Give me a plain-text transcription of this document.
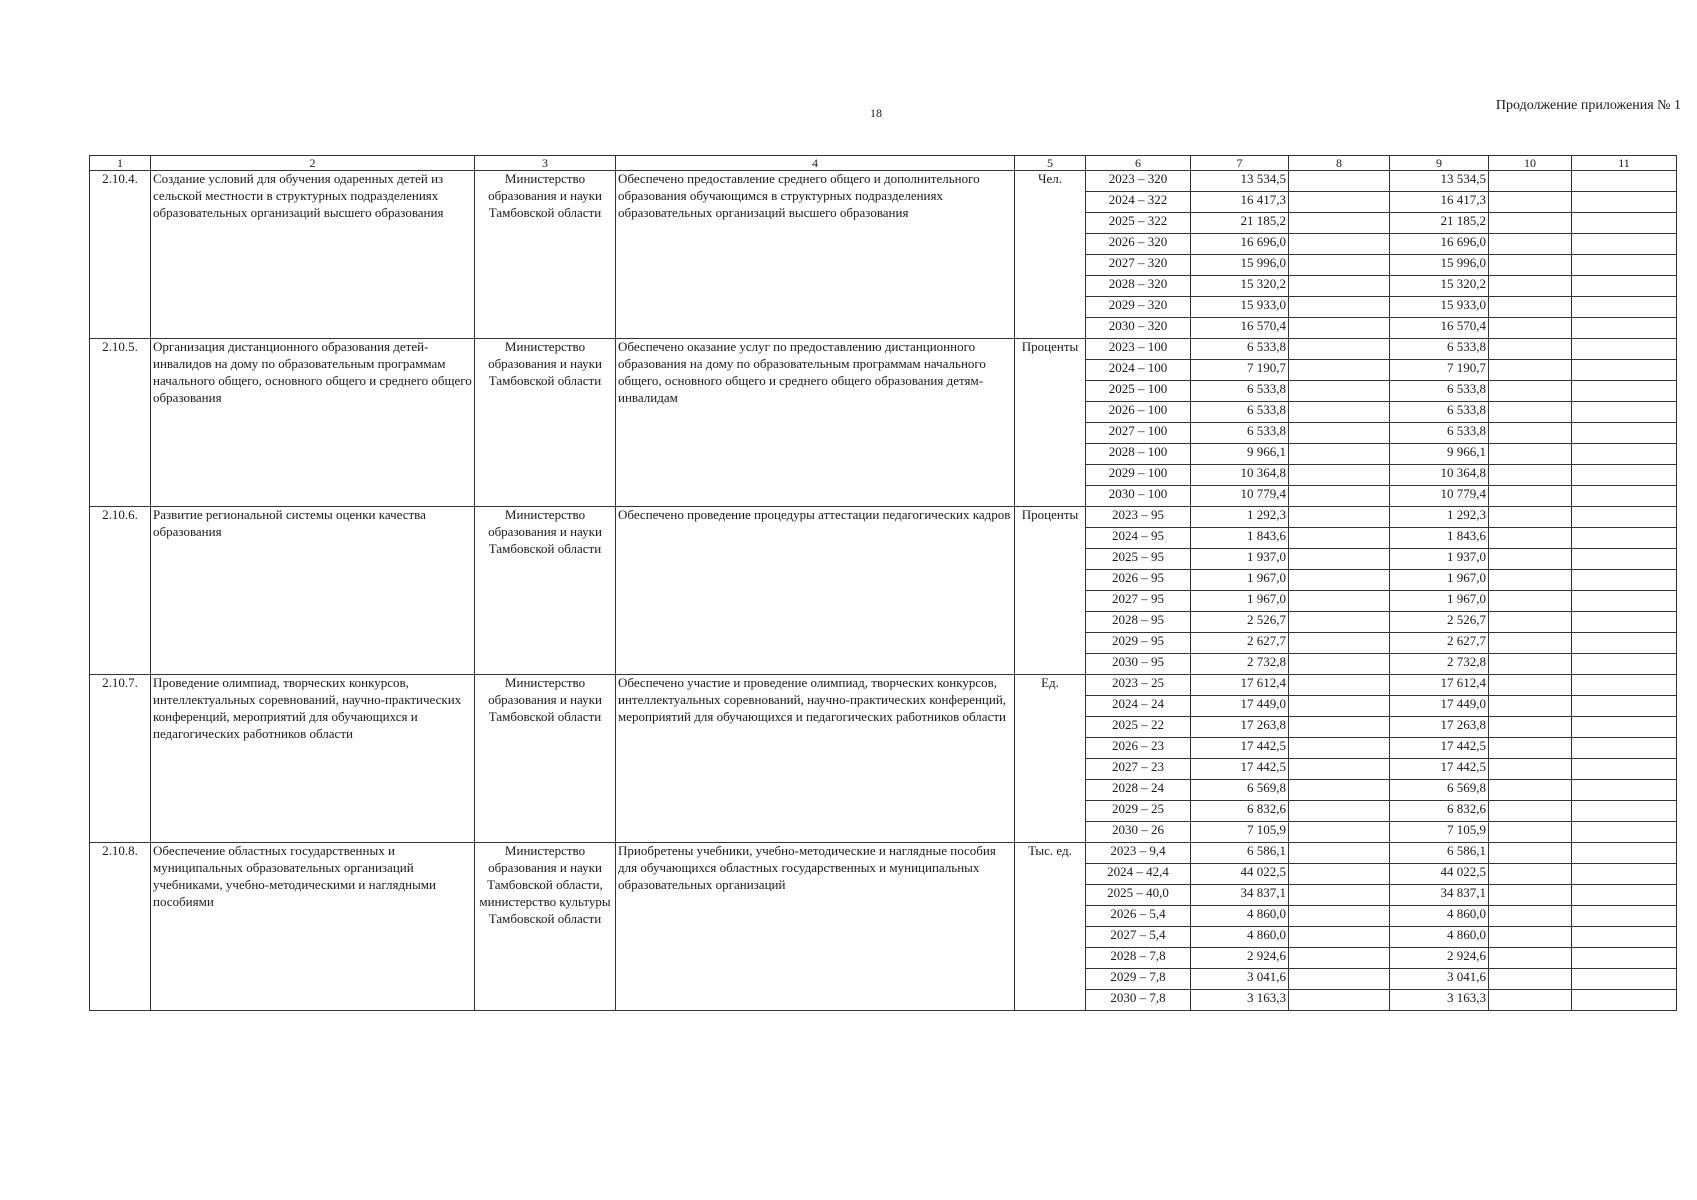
18	Продолжение приложения № 1
1	2	3	4	5	6	7	8	9	10	11
2.10.4.	Создание условий для обучения одаренных детей из сельской местности в структурных подразделениях образовательных организаций высшего образования	Министерство образования и науки Тамбовской области	Обеспечено предоставление среднего общего и дополнительного образования обучающимся в структурных подразделениях образовательных организаций высшего образования	Чел.	2023 – 320	13 534,5		13 534,5		
					2024 – 322	16 417,3		16 417,3		
					2025 – 322	21 185,2		21 185,2		
					2026 – 320	16 696,0		16 696,0		
					2027 – 320	15 996,0		15 996,0		
					2028 – 320	15 320,2		15 320,2		
					2029 – 320	15 933,0		15 933,0		
					2030 – 320	16 570,4		16 570,4		
2.10.5.	Организация дистанционного образования детей-инвалидов на дому по образовательным программам начального общего, основного общего и среднего общего образования	Министерство образования и науки Тамбовской области	Обеспечено оказание услуг по предоставлению дистанционного образования на дому по образовательным программам начального общего, основного общего и среднего общего образования детям-инвалидам	Проценты	2023 – 100	6 533,8		6 533,8		
					2024 – 100	7 190,7		7 190,7		
					2025 – 100	6 533,8		6 533,8		
					2026 – 100	6 533,8		6 533,8		
					2027 – 100	6 533,8		6 533,8		
					2028 – 100	9 966,1		9 966,1		
					2029 – 100	10 364,8		10 364,8		
					2030 – 100	10 779,4		10 779,4		
2.10.6.	Развитие региональной системы оценки качества образования	Министерство образования и науки Тамбовской области	Обеспечено проведение процедуры аттестации педагогических кадров	Проценты	2023 – 95	1 292,3		1 292,3		
					2024 – 95	1 843,6		1 843,6		
					2025 – 95	1 937,0		1 937,0		
					2026 – 95	1 967,0		1 967,0		
					2027 – 95	1 967,0		1 967,0		
					2028 – 95	2 526,7		2 526,7		
					2029 – 95	2 627,7		2 627,7		
					2030 – 95	2 732,8		2 732,8		
2.10.7.	Проведение олимпиад, творческих конкурсов, интеллектуальных соревнований, научно-практических конференций, мероприятий для обучающихся и педагогических работников области	Министерство образования и науки Тамбовской области	Обеспечено участие и проведение олимпиад, творческих конкурсов, интеллектуальных соревнований, научно-практических конференций, мероприятий для обучающихся и педагогических работников области	Ед.	2023 – 25	17 612,4		17 612,4		
					2024 – 24	17 449,0		17 449,0		
					2025 – 22	17 263,8		17 263,8		
					2026 – 23	17 442,5		17 442,5		
					2027 – 23	17 442,5		17 442,5		
					2028 – 24	6 569,8		6 569,8		
					2029 – 25	6 832,6		6 832,6		
					2030 – 26	7 105,9		7 105,9		
2.10.8.	Обеспечение областных государственных и муниципальных образовательных организаций учебниками, учебно-методическими и наглядными пособиями	Министерство образования и науки Тамбовской области, министерство культуры Тамбовской области	Приобретены учебники, учебно-методические и наглядные пособия для обучающихся областных государственных и муниципальных образовательных организаций	Тыс. ед.	2023 – 9,4	6 586,1		6 586,1		
					2024 – 42,4	44 022,5		44 022,5		
					2025 – 40,0	34 837,1		34 837,1		
					2026 – 5,4	4 860,0		4 860,0		
					2027 – 5,4	4 860,0		4 860,0		
					2028 – 7,8	2 924,6		2 924,6		
					2029 – 7,8	3 041,6		3 041,6		
					2030 – 7,8	3 163,3		3 163,3		
